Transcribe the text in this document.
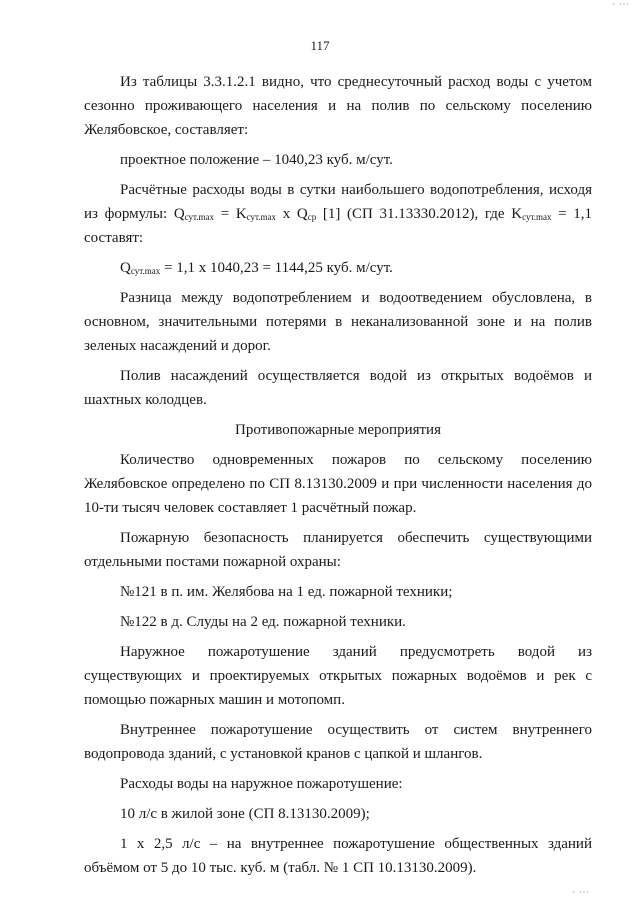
· ···
117

Из таблицы 3.3.1.2.1 видно, что среднесуточный расход воды с учетом сезонно проживающего населения и на полив по сельскому поселению Желябовское, составляет:

проектное положение – 1040,23 куб. м/сут.

Расчётные расходы воды в сутки наибольшего водопотребления, исходя из формулы: $Q_{сут.max} = K_{сут.max}$ x $Q_{ср}$ [1] (СП 31.13330.2012), где $K_{сут.max} = 1,1$ составят:

$Q_{сут.max} = 1,1$ x 1040,23 = 1144,25 куб. м/сут.

Разница между водопотреблением и водоотведением обусловлена, в основном, значительными потерями в неканализованной зоне и на полив зеленых насаждений и дорог.

Полив насаждений осуществляется водой из открытых водоёмов и шахтных колодцев.

Противопожарные мероприятия

Количество одновременных пожаров по сельскому поселению Желябовское определено по СП 8.13130.2009 и при численности населения до 10-ти тысяч человек составляет 1 расчётный пожар.

Пожарную безопасность планируется обеспечить существующими отдельными постами пожарной охраны:

№121 в п. им. Желябова на 1 ед. пожарной техники;

№122 в д. Слуды на 2 ед. пожарной техники.

Наружное пожаротушение зданий предусмотреть водой из существующих и проектируемых открытых пожарных водоёмов и рек с помощью пожарных машин и мотопомп.

Внутреннее пожаротушение осуществить от систем внутреннего водопровода зданий, с установкой кранов с цапкой и шлангов.

Расходы воды на наружное пожаротушение:

10 л/с в жилой зоне (СП 8.13130.2009);

1 х 2,5 л/с – на внутреннее пожаротушение общественных зданий объёмом от 5 до 10 тыс. куб. м (табл. № 1 СП 10.13130.2009).

· ···
